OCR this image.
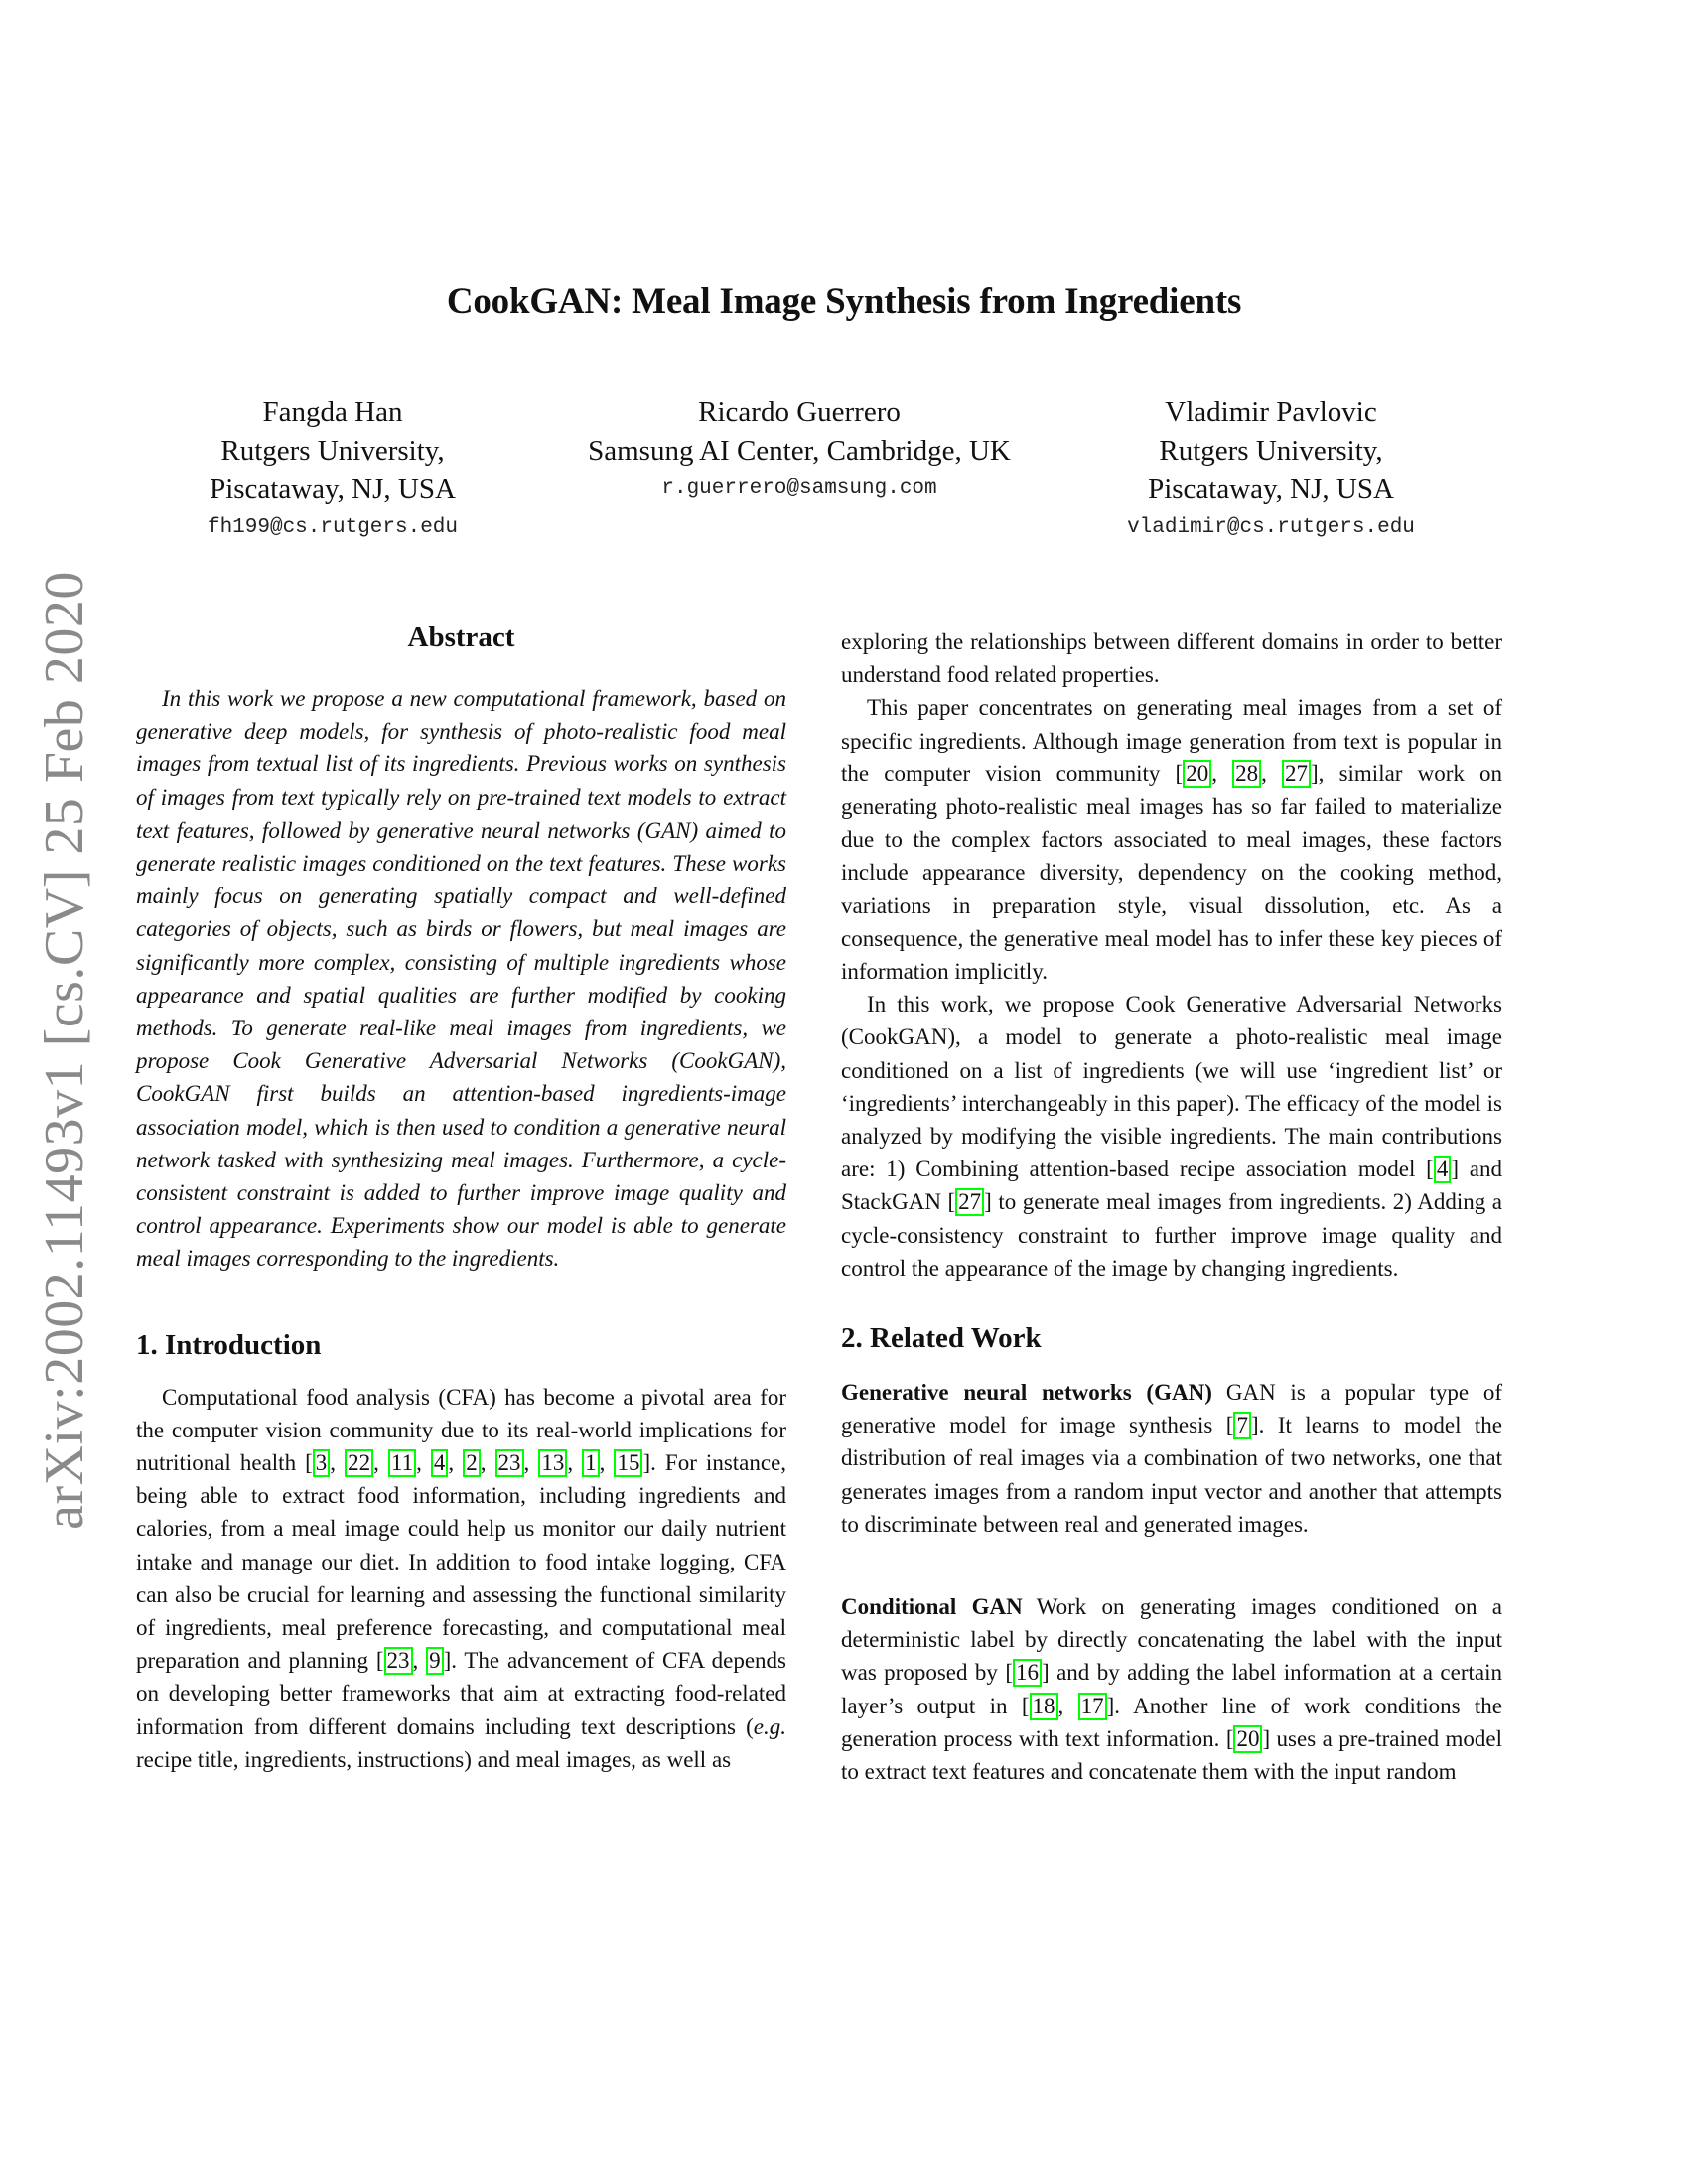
CookGAN: Meal Image Synthesis from Ingredients
Fangda Han
Rutgers University,
Piscataway, NJ, USA
fh199@cs.rutgers.edu
Ricardo Guerrero
Samsung AI Center, Cambridge, UK
r.guerrero@samsung.com
Vladimir Pavlovic
Rutgers University,
Piscataway, NJ, USA
vladimir@cs.rutgers.edu
arXiv:2002.11493v1 [cs.CV] 25 Feb 2020	Abstract

In this work we propose a new computational framework, based on generative deep models, for synthesis of photo-realistic food meal images from textual list of its ingredients. Previous works on synthesis of images from text typically rely on pre-trained text models to extract text features, followed by generative neural networks (GAN) aimed to generate realistic images conditioned on the text features. These works mainly focus on generating spatially compact and well-defined categories of objects, such as birds or flowers, but meal images are significantly more complex, consisting of multiple ingredients whose appearance and spatial qualities are further modified by cooking methods. To generate real-like meal images from ingredients, we propose Cook Generative Adversarial Networks (CookGAN), CookGAN first builds an attention-based ingredients-image association model, which is then used to condition a generative neural network tasked with synthesizing meal images. Furthermore, a cycle-consistent constraint is added to further improve image quality and control appearance. Experiments show our model is able to generate meal images corresponding to the ingredients.

1. Introduction

Computational food analysis (CFA) has become a pivotal area for the computer vision community due to its real-world implications for nutritional health [ 3 , 22 , 11 , 4 , 2 , 23 , 13 , 1 , 15 ]. For instance, being able to extract food information, including ingredients and calories, from a meal image could help us monitor our daily nutrient intake and manage our diet. In addition to food intake logging, CFA can also be crucial for learning and assessing the functional similarity of ingredients, meal preference forecasting, and computational meal preparation and planning [ 23 , 9 ]. The advancement of CFA depends on developing better frameworks that aim at extracting food-related information from different domains including text descriptions (e.g. recipe title, ingredients, instructions) and meal images, as well as

exploring the relationships between different domains in order to better understand food related properties.

This paper concentrates on generating meal images from a set of specific ingredients. Although image generation from text is popular in the computer vision community [ 20 , 28 , 27 ], similar work on generating photo-realistic meal images has so far failed to materialize due to the complex factors associated to meal images, these factors include appearance diversity, dependency on the cooking method, variations in preparation style, visual dissolution, etc. As a consequence, the generative meal model has to infer these key pieces of information implicitly.

In this work, we propose Cook Generative Adversarial Networks (CookGAN), a model to generate a photo-realistic meal image conditioned on a list of ingredients (we will use ‘ingredient list’ or ‘ingredients’ interchangeably in this paper). The efficacy of the model is analyzed by modifying the visible ingredients. The main contributions are: 1) Combining attention-based recipe association model [ 4 ] and StackGAN [ 27 ] to generate meal images from ingredients. 2) Adding a cycle-consistency constraint to further improve image quality and control the appearance of the image by changing ingredients.

2. Related Work

Generative neural networks (GAN) GAN is a popular type of generative model for image synthesis [ 7 ]. It learns to model the distribution of real images via a combination of two networks, one that generates images from a random input vector and another that attempts to discriminate between real and generated images.

Conditional GAN Work on generating images conditioned on a deterministic label by directly concatenating the label with the input was proposed by [ 16 ] and by adding the label information at a certain layer’s output in [ 18 , 17 ]. Another line of work conditions the generation process with text information. [ 20 ] uses a pre-trained model to extract text features and concatenate them with the input random
